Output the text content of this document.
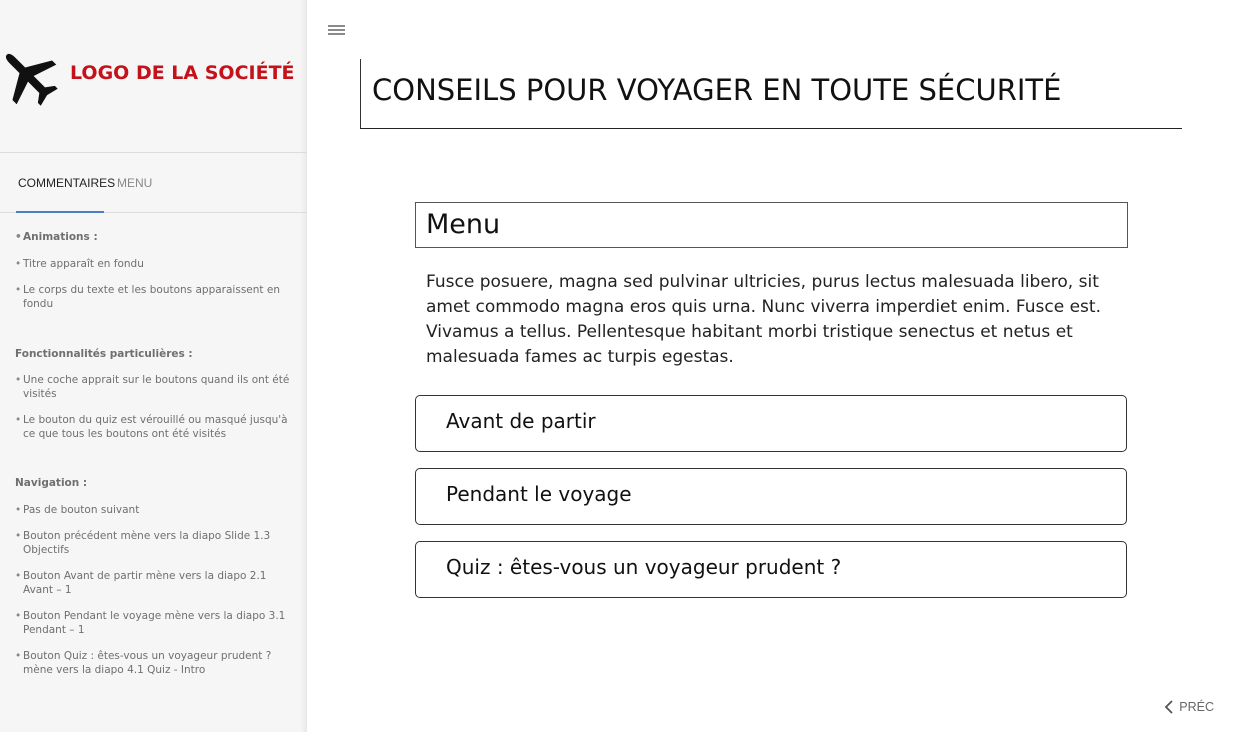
LOGO DE LA SOCIÉTÉ
COMMENTAIRES MENU
• Animations :
• Titre apparaît en fondu
• Le corps du texte et les boutons apparaissent en fondu
Fonctionnalités particulières :
• Une coche apprait sur le boutons quand ils ont été visités
• Le bouton du quiz est vérouillé ou masqué jusqu'à ce que tous les boutons ont été visités
Navigation :
• Pas de bouton suivant
• Bouton précédent mène vers la diapo Slide 1.3 Objectifs
• Bouton Avant de partir mène vers la diapo 2.1 Avant – 1
• Bouton Pendant le voyage mène vers la diapo 3.1 Pendant – 1
• Bouton Quiz : êtes-vous un voyageur prudent ? mène vers la diapo 4.1 Quiz - Intro
CONSEILS POUR VOYAGER EN TOUTE SÉCURITÉ
Menu
Fusce posuere, magna sed pulvinar ultricies, purus lectus malesuada libero, sit amet commodo magna eros quis urna. Nunc viverra imperdiet enim. Fusce est. Vivamus a tellus. Pellentesque habitant morbi tristique senectus et netus et malesuada fames ac turpis egestas.
Avant de partir
Pendant le voyage
Quiz : êtes-vous un voyageur prudent ?
PRÉC
